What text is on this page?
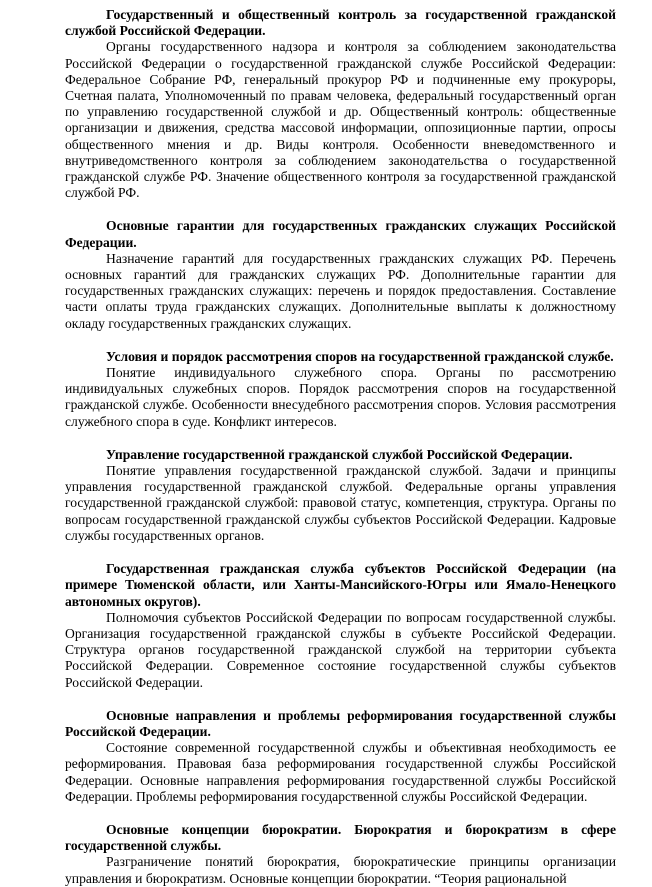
Государственный и общественный контроль за государственной гражданской службой Российской Федерации.

Органы государственного надзора и контроля за соблюдением законодательства Российской Федерации о государственной гражданской службе Российской Федерации: Федеральное Собрание РФ, генеральный прокурор РФ и подчиненные ему прокуроры, Счетная палата, Уполномоченный по правам человека, федеральный государственный орган по управлению государственной службой и др. Общественный контроль: общественные организации и движения, средства массовой информации, оппозиционные партии, опросы общественного мнения и др. Виды контроля. Особенности вневедомственного и внутриведомственного контроля за соблюдением законодательства о государственной гражданской службе РФ. Значение общественного контроля за государственной гражданской службой РФ.

Основные гарантии для государственных гражданских служащих Российской Федерации.

Назначение гарантий для государственных гражданских служащих РФ. Перечень основных гарантий для гражданских служащих РФ. Дополнительные гарантии для государственных гражданских служащих: перечень и порядок предоставления. Составление части оплаты труда гражданских служащих. Дополнительные выплаты к должностному окладу государственных гражданских служащих.

Условия и порядок рассмотрения споров на государственной гражданской службе.

Понятие индивидуального служебного спора. Органы по рассмотрению индивидуальных служебных споров. Порядок рассмотрения споров на государственной гражданской службе. Особенности внесудебного рассмотрения споров. Условия рассмотрения служебного спора в суде. Конфликт интересов.

Управление государственной гражданской службой Российской Федерации.

Понятие управления государственной гражданской службой. Задачи и принципы управления государственной гражданской службой. Федеральные органы управления государственной гражданской службой: правовой статус, компетенция, структура. Органы по вопросам государственной гражданской службы субъектов Российской Федерации. Кадровые службы государственных органов.

Государственная гражданская служба субъектов Российской Федерации (на примере Тюменской области, или Ханты-Мансийского-Югры или Ямало-Ненецкого автономных округов).

Полномочия субъектов Российской Федерации по вопросам государственной службы. Организация государственной гражданской службы в субъекте Российской Федерации. Структура органов государственной гражданской службой на территории субъекта Российской Федерации. Современное состояние государственной службы субъектов Российской Федерации.

Основные направления и проблемы реформирования государственной службы Российской Федерации.

Состояние современной государственной службы и объективная необходимость ее реформирования. Правовая база реформирования государственной службы Российской Федерации. Основные направления реформирования государственной службы Российской Федерации. Проблемы реформирования государственной службы Российской Федерации.

Основные концепции бюрократии. Бюрократия и бюрократизм в сфере государственной службы.

Разграничение понятий бюрократия, бюрократические принципы организации управления и бюрократизм. Основные концепции бюрократии. “Теория рациональной
